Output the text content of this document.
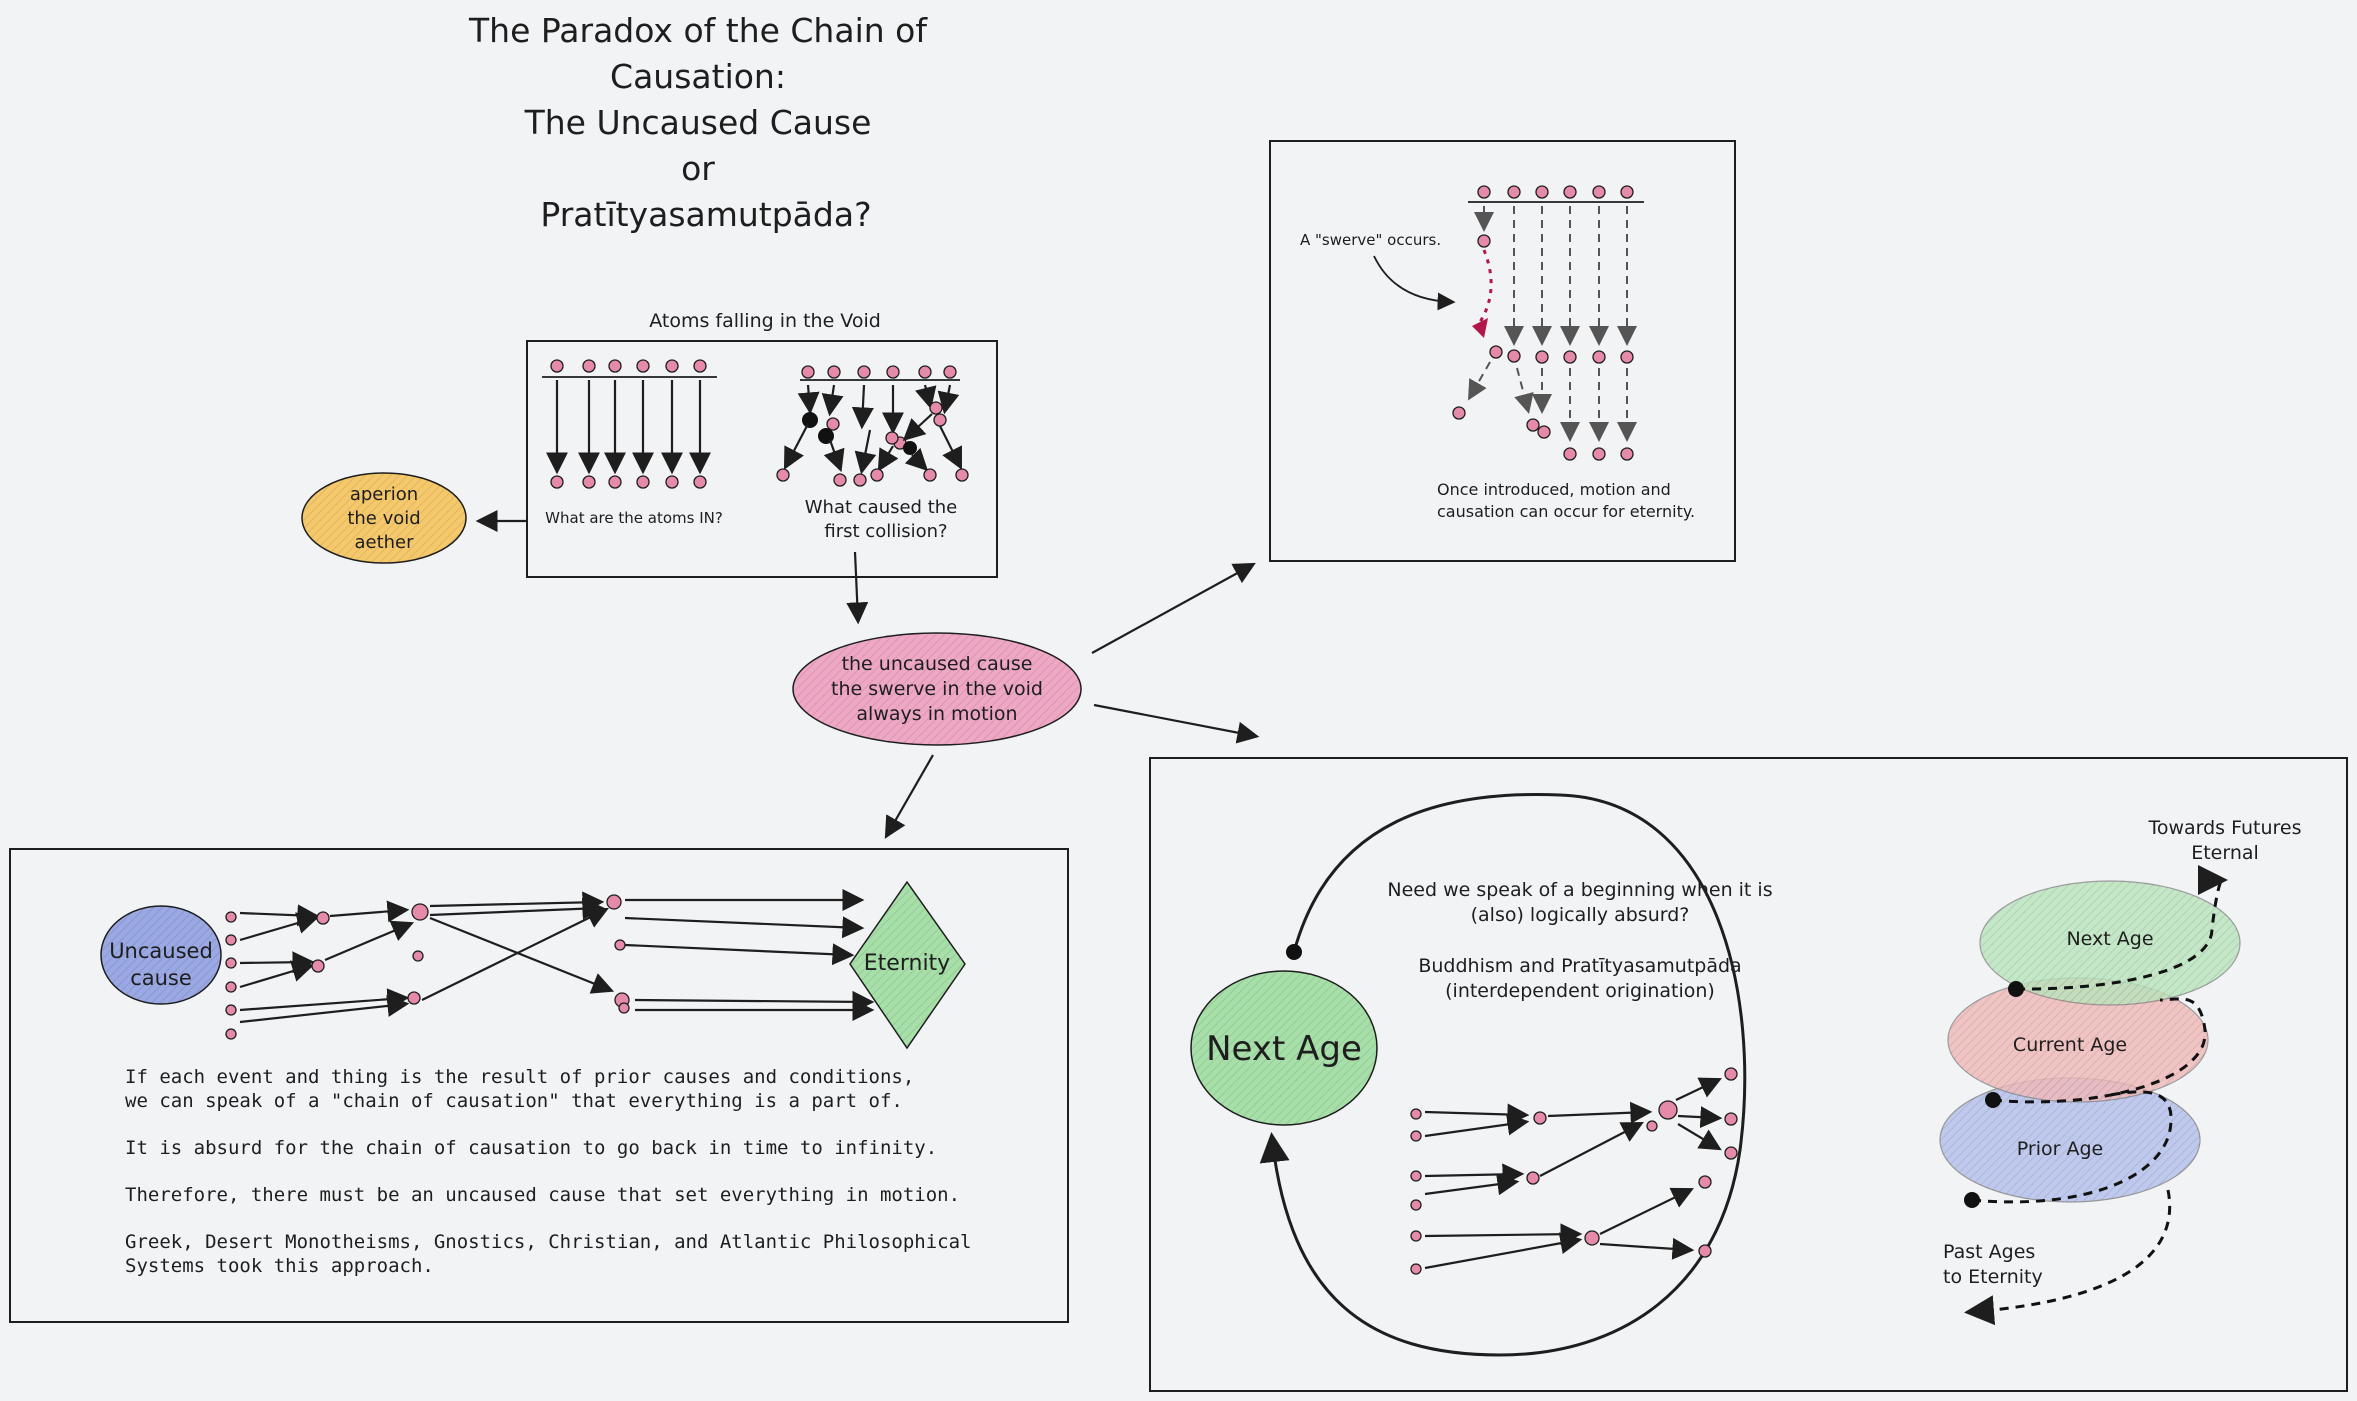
The Paradox of the Chain of
Causation:
The Uncaused Cause
or
Pratītyasamutpāda?
Atoms falling in the Void
What are the atoms IN?	What caused the
first collision?
aperion
the void
aether
the uncaused cause
the swerve in the void
always in motion
A "swerve" occurs.
Once introduced, motion and
causation can occur for eternity.
Uncaused
cause
Eternity
If each event and thing is the result of prior causes and conditions,
we can speak of a "chain of causation" that everything is a part of.
It is absurd for the chain of causation to go back in time to infinity.
Therefore, there must be an uncaused cause that set everything in motion.
Greek, Desert Monotheisms, Gnostics, Christian, and Atlantic Philosophical
Systems took this approach.
Next Age
Need we speak of a beginning when it is
(also) logically absurd?
Buddhism and Pratītyasamutpāda
(interdependent origination)
Next Age
Current Age
Prior Age
Towards Futures
Eternal
Past Ages
to Eternity
